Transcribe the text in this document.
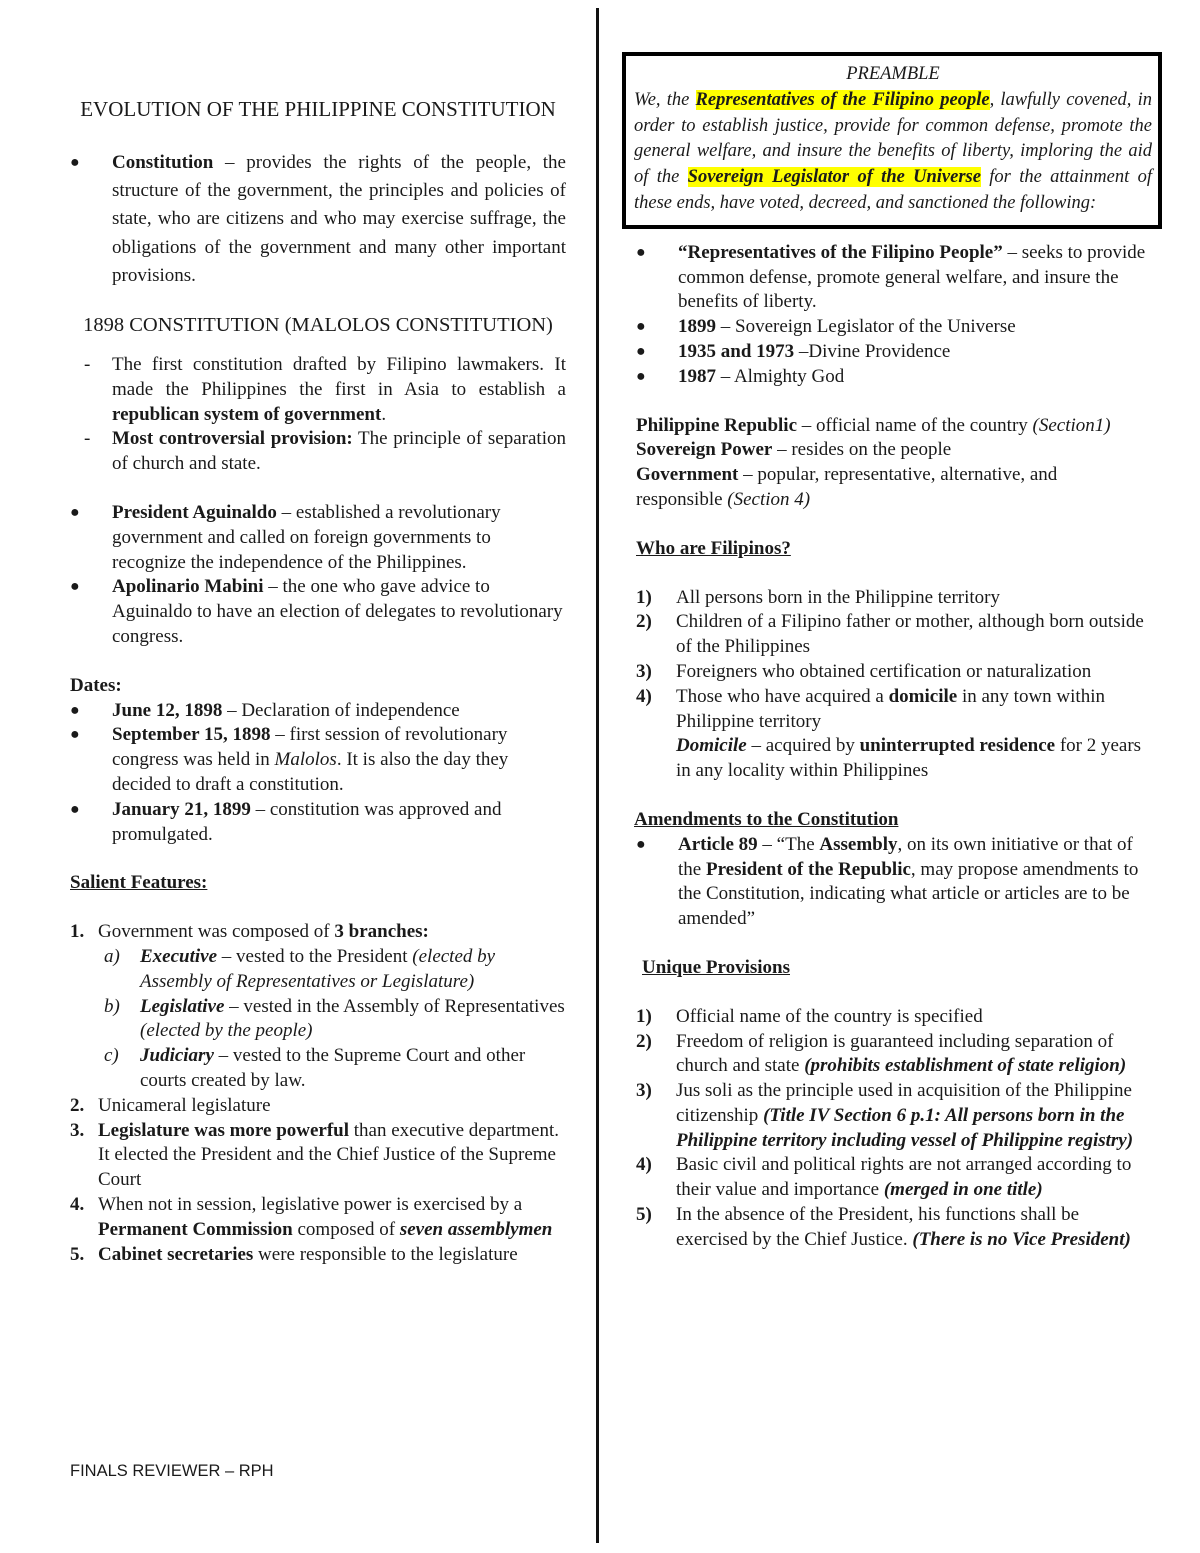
EVOLUTION OF THE PHILIPPINE CONSTITUTION
● Constitution – provides the rights of the people, the structure of the government, the principles and policies of state, who are citizens and who may exercise suffrage, the obligations of the government and many other important provisions.
1898 CONSTITUTION (MALOLOS CONSTITUTION)
- The first constitution drafted by Filipino lawmakers. It made the Philippines the first in Asia to establish a republican system of government.
- Most controversial provision: The principle of separation of church and state.
● President Aguinaldo – established a revolutionary government and called on foreign governments to recognize the independence of the Philippines.
● Apolinario Mabini – the one who gave advice to Aguinaldo to have an election of delegates to revolutionary congress.
Dates:
● June 12, 1898 – Declaration of independence
● September 15, 1898 – first session of revolutionary congress was held in Malolos. It is also the day they decided to draft a constitution.
● January 21, 1899 – constitution was approved and promulgated.
Salient Features:
1. Government was composed of 3 branches:
a) Executive – vested to the President (elected by Assembly of Representatives or Legislature)
b) Legislative – vested in the Assembly of Representatives (elected by the people)
c) Judiciary – vested to the Supreme Court and other courts created by law.
2. Unicameral legislature
3. Legislature was more powerful than executive department. It elected the President and the Chief Justice of the Supreme Court
4. When not in session, legislative power is exercised by a Permanent Commission composed of seven assemblymen
5. Cabinet secretaries were responsible to the legislature
PREAMBLE
We, the Representatives of the Filipino people, lawfully covened, in order to establish justice, provide for common defense, promote the general welfare, and insure the benefits of liberty, imploring the aid of the Sovereign Legislator of the Universe for the attainment of these ends, have voted, decreed, and sanctioned the following:
● “Representatives of the Filipino People” – seeks to provide common defense, promote general welfare, and insure the benefits of liberty.
● 1899 – Sovereign Legislator of the Universe
● 1935 and 1973 –Divine Providence
● 1987 – Almighty God
Philippine Republic – official name of the country (Section1)
Sovereign Power – resides on the people
Government – popular, representative, alternative, and responsible (Section 4)
Who are Filipinos?
1) All persons born in the Philippine territory
2) Children of a Filipino father or mother, although born outside of the Philippines
3) Foreigners who obtained certification or naturalization
4) Those who have acquired a domicile in any town within Philippine territory
Domicile – acquired by uninterrupted residence for 2 years in any locality within Philippines
Amendments to the Constitution
● Article 89 – “The Assembly, on its own initiative or that of the President of the Republic, may propose amendments to the Constitution, indicating what article or articles are to be amended”
Unique Provisions
1) Official name of the country is specified
2) Freedom of religion is guaranteed including separation of church and state (prohibits establishment of state religion)
3) Jus soli as the principle used in acquisition of the Philippine citizenship (Title IV Section 6 p.1: All persons born in the Philippine territory including vessel of Philippine registry)
4) Basic civil and political rights are not arranged according to their value and importance (merged in one title)
5) In the absence of the President, his functions shall be exercised by the Chief Justice. (There is no Vice President)
FINALS REVIEWER – RPH
